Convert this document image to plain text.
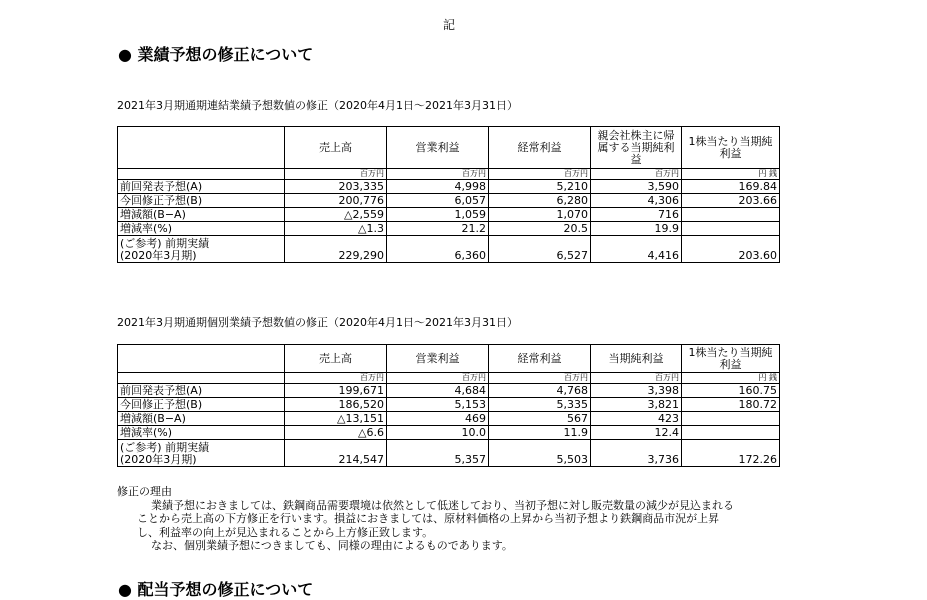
記
● 業績予想の修正について
2021年3月期通期連結業績予想数値の修正（2020年4月1日～2021年3月31日）
	売上高	営業利益	経常利益	親会社株主に帰属する当期純利益	1株当たり当期純利益
	百万円	百万円	百万円	百万円	円 銭
前回発表予想(A)	203,335	4,998	5,210	3,590	169.84
今回修正予想(B)	200,776	6,057	6,280	4,306	203.66
増減額(B−A)	△2,559	1,059	1,070	716	
増減率(%)	△1.3	21.2	20.5	19.9	

(ご参考) 前期実績
(2020年3月期)	229,290	6,360	6,527	4,416	203.60
2021年3月期通期個別業績予想数値の修正（2020年4月1日～2021年3月31日）
	売上高	営業利益	経常利益	当期純利益	1株当たり当期純利益
	百万円	百万円	百万円	百万円	円 銭
前回発表予想(A)	199,671	4,684	4,768	3,398	160.75
今回修正予想(B)	186,520	5,153	5,335	3,821	180.72
増減額(B−A)	△13,151	469	567	423	
増減率(%)	△6.6	10.0	11.9	12.4	

(ご参考) 前期実績
(2020年3月期)	214,547	5,357	5,503	3,736	172.26

修正の理由

業績予想におきましては、鉄鋼商品需要環境は依然として低迷しており、当初予想に対し販売数量の減少が見込まれる

ことから売上高の下方修正を行います。損益におきましては、原材料価格の上昇から当初予想より鉄鋼商品市況が上昇

し、利益率の向上が見込まれることから上方修正致します。

なお、個別業績予想につきましても、同様の理由によるものであります。

● 配当予想の修正について
